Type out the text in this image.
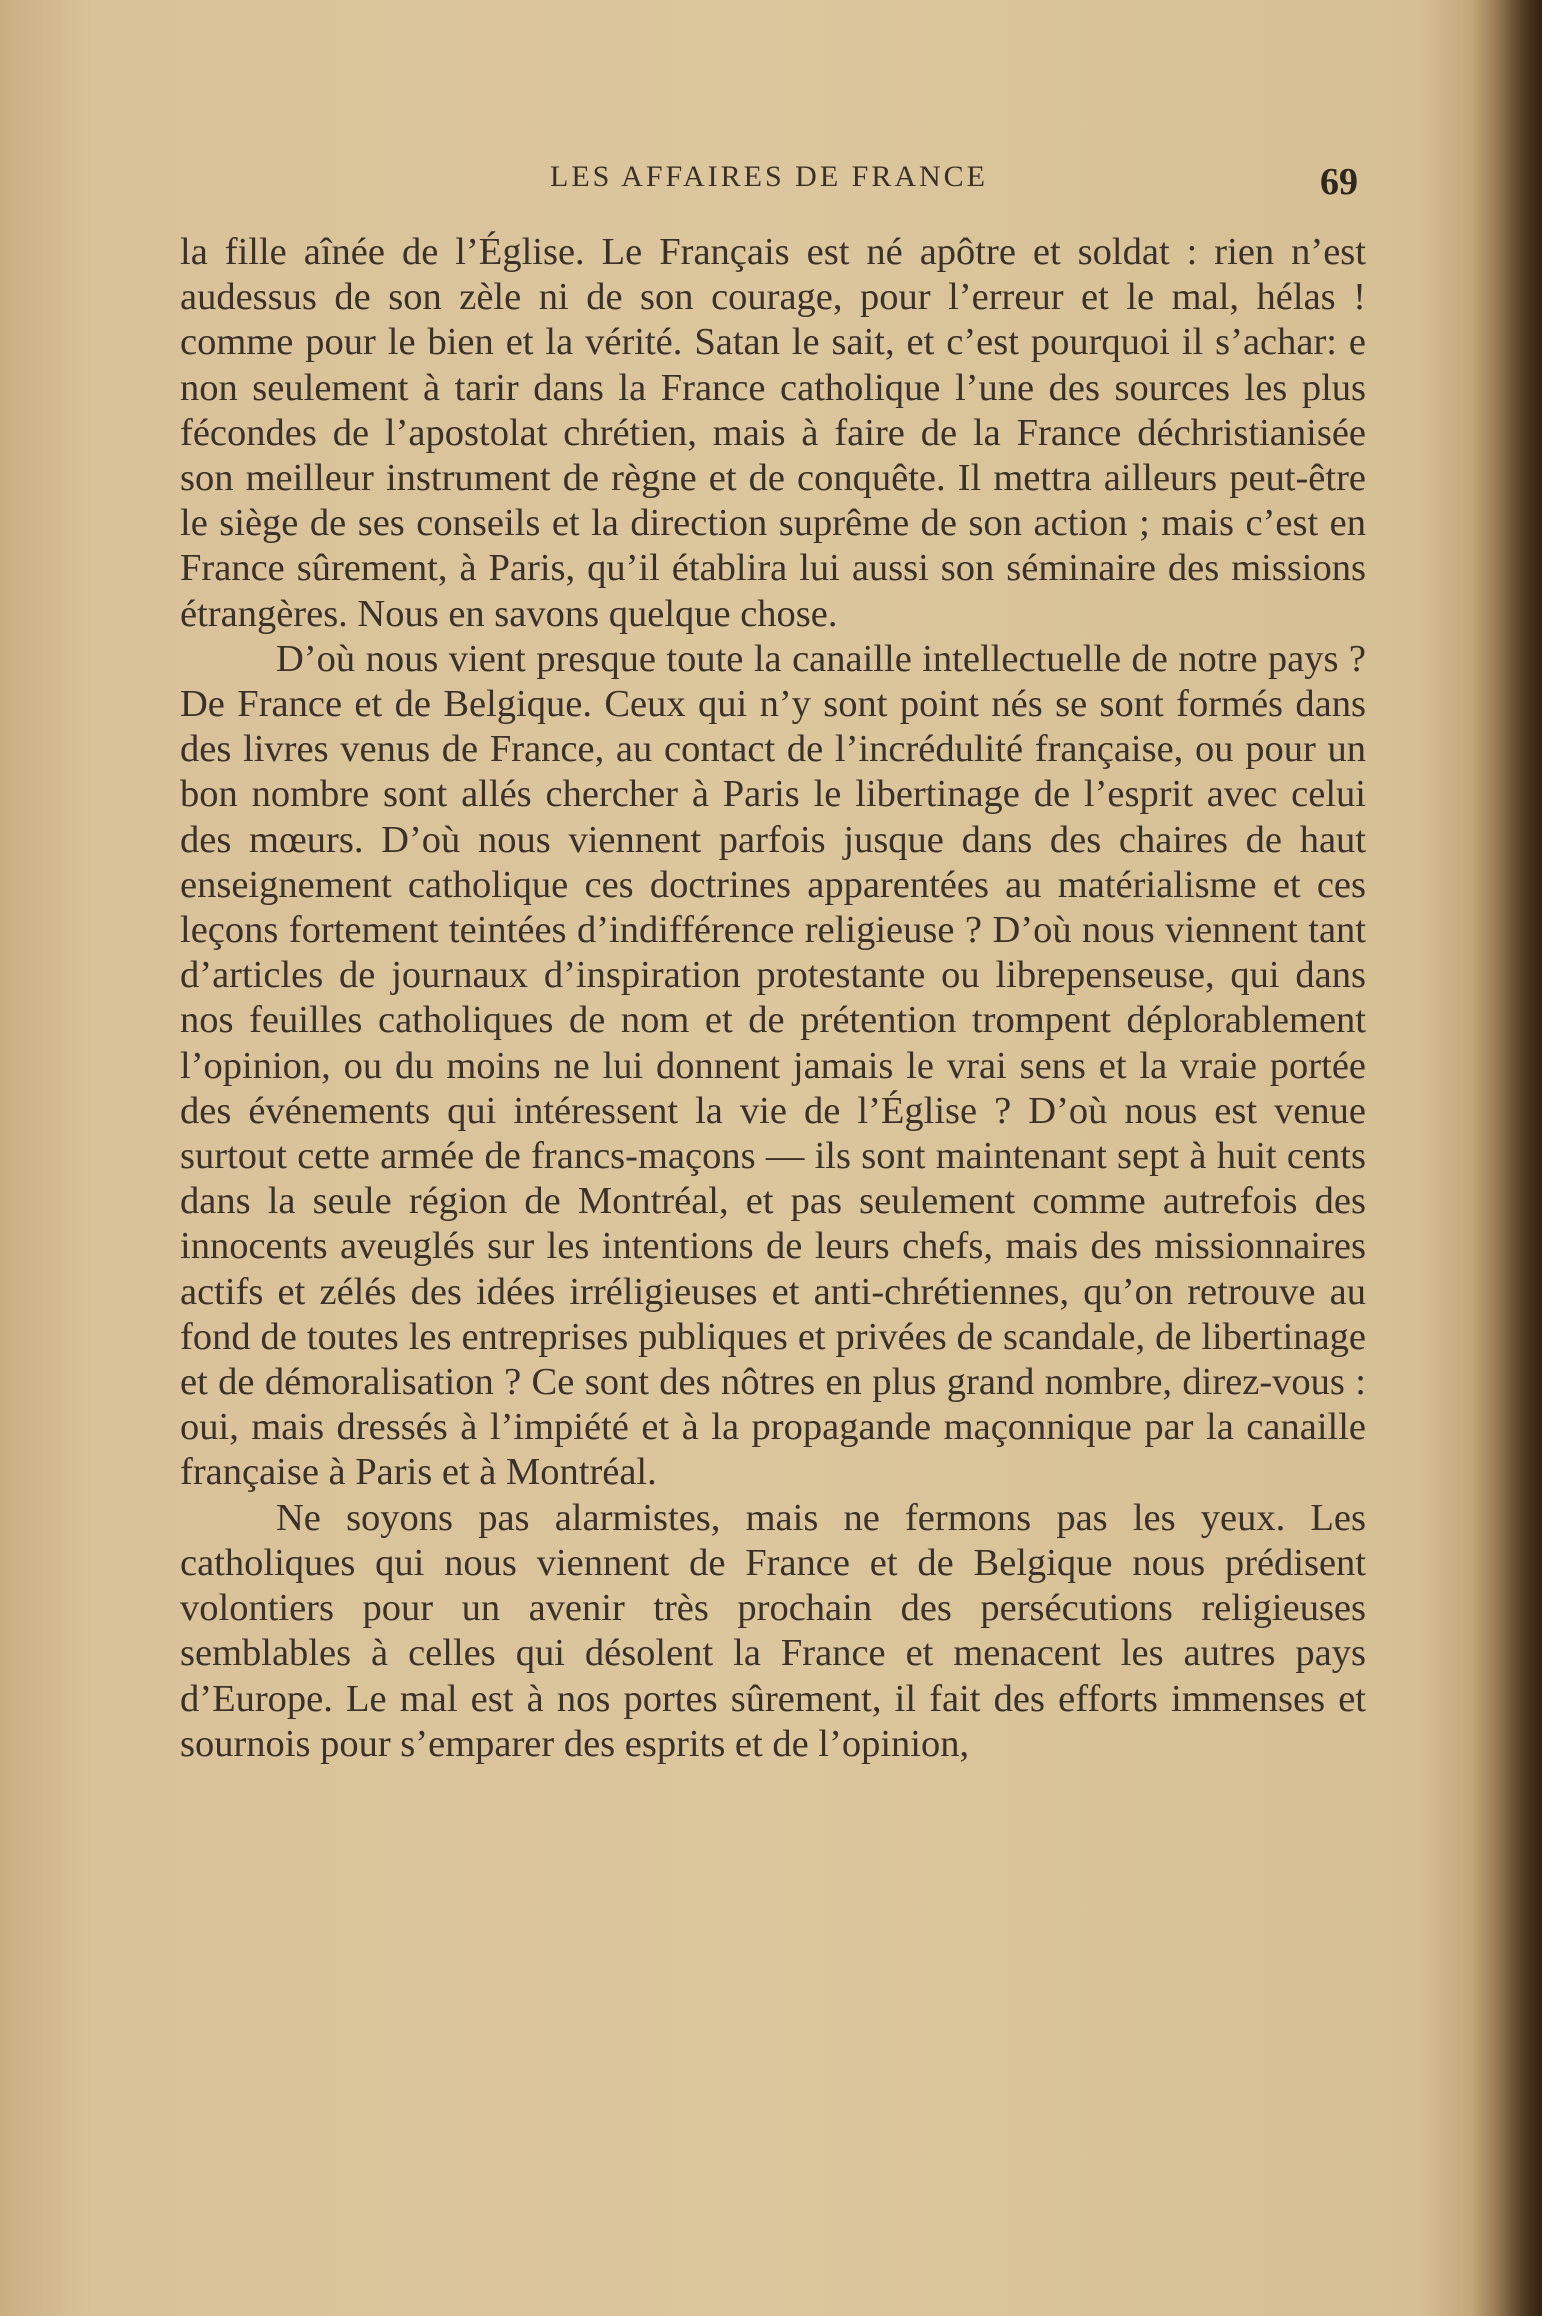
LES AFFAIRES DE FRANCE	69

la fille aînée de l’Église. Le Français est né apôtre et soldat : rien n’est audessus de son zèle ni de son courage, pour l’erreur et le mal, hélas ! comme pour le bien et la vérité. Satan le sait, et c’est pourquoi il s’achar: e non seulement à tarir dans la France catholique l’une des sources les plus fécondes de l’apostolat chrétien, mais à faire de la France déchristianisée son meilleur instrument de règne et de conquête. Il mettra ailleurs peut-être le siège de ses conseils et la direction suprême de son action ; mais c’est en France sûrement, à Paris, qu’il établira lui aussi son séminaire des missions étrangères. Nous en savons quelque chose.

D’où nous vient presque toute la canaille intellectuelle de notre pays ? De France et de Belgique. Ceux qui n’y sont point nés se sont formés dans des livres venus de France, au contact de l’incrédulité française, ou pour un bon nombre sont allés chercher à Paris le libertinage de l’esprit avec celui des mœurs. D’où nous viennent parfois jusque dans des chaires de haut enseignement catholique ces doctrines apparentées au matérialisme et ces leçons fortement teintées d’indifférence religieuse ? D’où nous viennent tant d’articles de journaux d’inspiration protestante ou librepenseuse, qui dans nos feuilles catholiques de nom et de prétention trompent déplorablement l’opinion, ou du moins ne lui donnent jamais le vrai sens et la vraie portée des événements qui intéressent la vie de l’Église ? D’où nous est venue surtout cette armée de francs-maçons — ils sont maintenant sept à huit cents dans la seule région de Montréal, et pas seulement comme autrefois des innocents aveuglés sur les intentions de leurs chefs, mais des missionnaires actifs et zélés des idées irréligieuses et anti-chrétiennes, qu’on retrouve au fond de toutes les entreprises publiques et privées de scandale, de libertinage et de démoralisation ? Ce sont des nôtres en plus grand nombre, direz-vous : oui, mais dressés à l’impiété et à la propagande maçonnique par la canaille française à Paris et à Montréal.

Ne soyons pas alarmistes, mais ne fermons pas les yeux. Les catholiques qui nous viennent de France et de Belgique nous prédisent volontiers pour un avenir très prochain des persécutions religieuses semblables à celles qui désolent la France et menacent les autres pays d’Europe. Le mal est à nos portes sûrement, il fait des efforts immenses et sournois pour s’emparer des esprits et de l’opinion,
